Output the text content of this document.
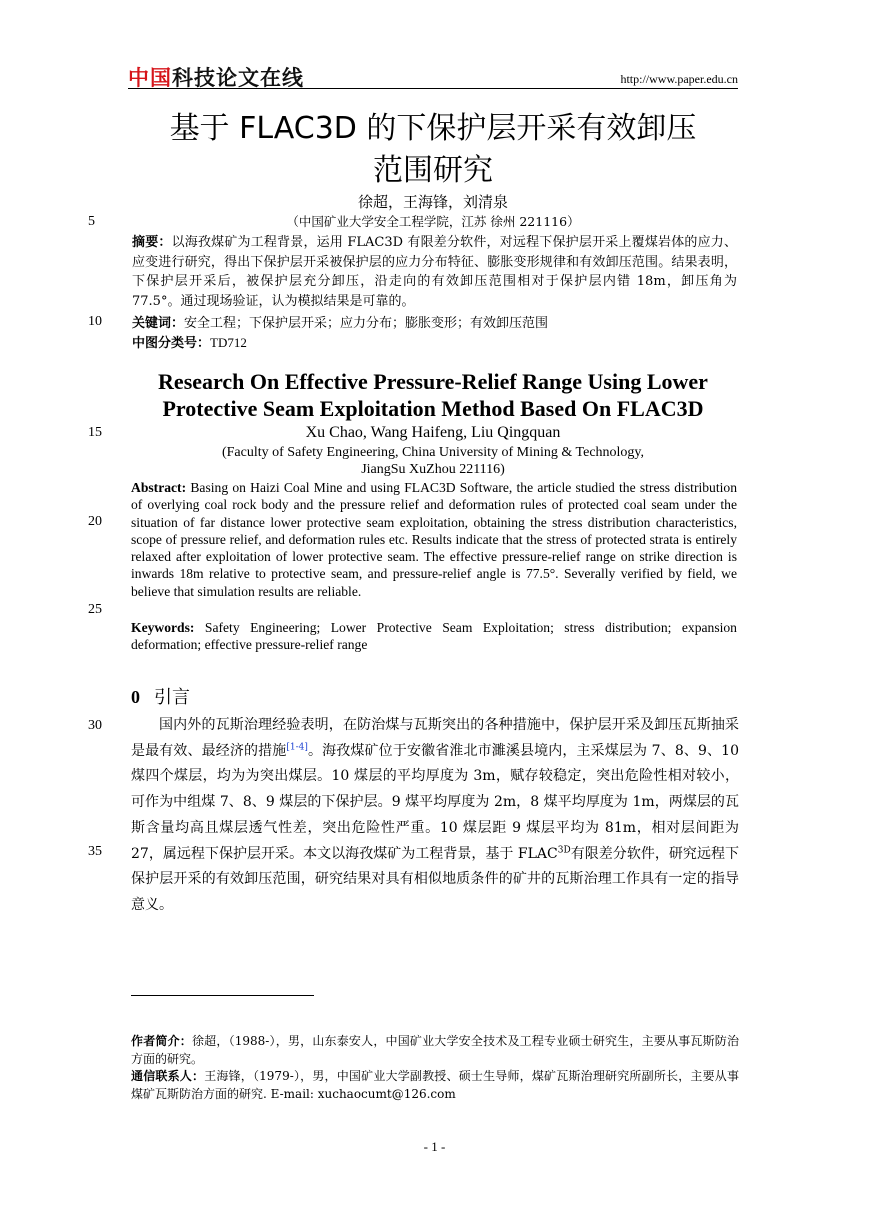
中国科技论文在线	http://www.paper.edu.cn
基于 FLAC3D 的下保护层开采有效卸压
范围研究
徐超，王海锋，刘清泉
（中国矿业大学安全工程学院，江苏 徐州 221116）
5
10
15
20
25
30
35
摘要：以海孜煤矿为工程背景，运用 FLAC3D 有限差分软件，对远程下保护层开采上覆煤岩体的应力、应变进行研究，得出下保护层开采被保护层的应力分布特征、膨胀变形规律和有效卸压范围。结果表明，下保护层开采后，被保护层充分卸压，沿走向的有效卸压范围相对于保护层内错 18m，卸压角为 77.5°。通过现场验证，认为模拟结果是可靠的。
关键词：安全工程；下保护层开采；应力分布；膨胀变形；有效卸压范围
中图分类号：TD712
Research On Effective Pressure-Relief Range Using Lower
Protective Seam Exploitation Method Based On FLAC3D
Xu Chao, Wang Haifeng, Liu Qingquan
(Faculty of Safety Engineering, China University of Mining & Technology,
JiangSu XuZhou 221116)
Abstract: Basing on Haizi Coal Mine and using FLAC3D Software, the article studied the stress distribution of overlying coal rock body and the pressure relief and deformation rules of protected coal seam under the situation of far distance lower protective seam exploitation, obtaining the stress distribution characteristics, scope of pressure relief, and deformation rules etc. Results indicate that the stress of protected strata is entirely relaxed after exploitation of lower protective seam. The effective pressure-relief range on strike direction is inwards 18m relative to protective seam, and pressure-relief angle is 77.5°. Severally verified by field, we believe that simulation results are reliable.
Keywords: Safety Engineering; Lower Protective Seam Exploitation; stress distribution; expansion deformation; effective pressure-relief range
0 引言
国内外的瓦斯治理经验表明，在防治煤与瓦斯突出的各种措施中，保护层开采及卸压瓦斯抽采是最有效、最经济的措施[1-4]。海孜煤矿位于安徽省淮北市濉溪县境内，主采煤层为 7、8、9、10 煤四个煤层，均为为突出煤层。10 煤层的平均厚度为 3m，赋存较稳定，突出危险性相对较小，可作为中组煤 7、8、9 煤层的下保护层。9 煤平均厚度为 2m，8 煤平均厚度为 1m，两煤层的瓦斯含量均高且煤层透气性差，突出危险性严重。10 煤层距 9 煤层平均为 81m，相对层间距为 27，属远程下保护层开采。本文以海孜煤矿为工程背景，基于 $FLAC^{3D}$有限差分软件，研究远程下保护层开采的有效卸压范围，研究结果对具有相似地质条件的矿井的瓦斯治理工作具有一定的指导意义。
作者简介：徐超，（1988-），男，山东泰安人，中国矿业大学安全技术及工程专业硕士研究生，主要从事瓦斯防治方面的研究。
通信联系人：王海锋，（1979-），男，中国矿业大学副教授、硕士生导师，煤矿瓦斯治理研究所副所长，主要从事煤矿瓦斯防治方面的研究. E-mail: xuchaocumt@126.com
- 1 -
